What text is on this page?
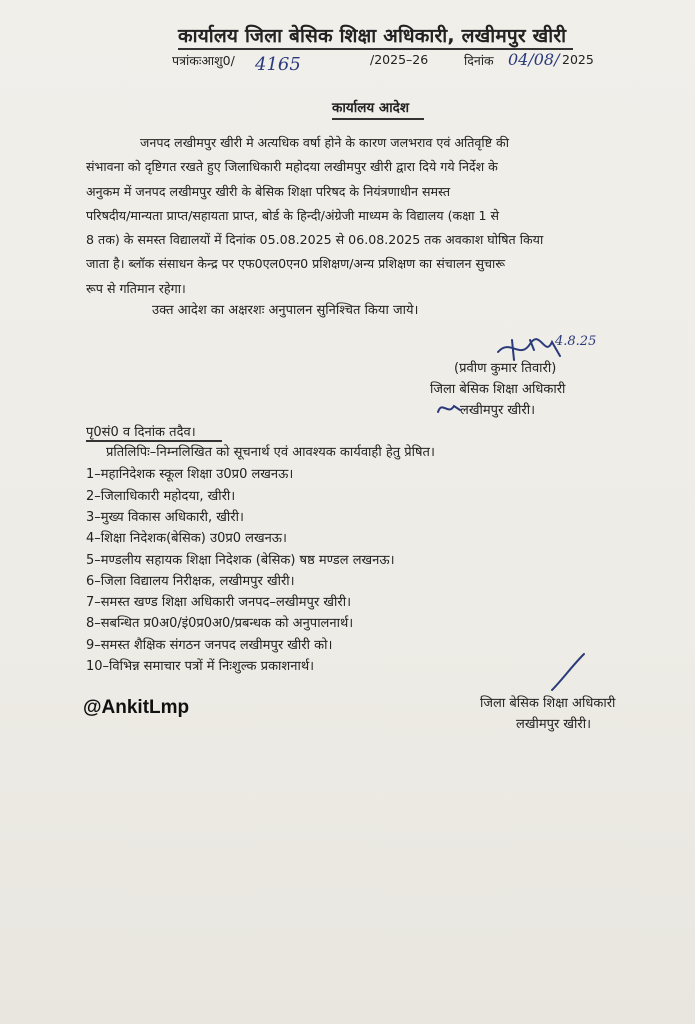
कार्यालय जिला बेसिक शिक्षा अधिकारी, लखीमपुर खीरी
पत्रांकःआशु0/ 4165	/2025–26	दिनांक 04/08/ 2025
कार्यालय आदेश
जनपद लखीमपुर खीरी मे अत्यधिक वर्षा होने के कारण जलभराव एवं अतिवृष्टि की
संभावना को दृष्टिगत रखते हुए जिलाधिकारी महोदया लखीमपुर खीरी द्वारा दिये गये निर्देश के
अनुकम में जनपद लखीमपुर खीरी के बेसिक शिक्षा परिषद के नियंत्रणाधीन समस्त
परिषदीय/मान्यता प्राप्त/सहायता प्राप्त, बोर्ड के हिन्दी/अंग्रेजी माध्यम के विद्यालय (कक्षा 1 से
8 तक) के समस्त विद्यालयों में दिनांक 05.08.2025 से 06.08.2025 तक अवकाश घोषित किया
जाता है। ब्लॉक संसाधन केन्द्र पर एफ0एल0एन0 प्रशिक्षण/अन्य प्रशिक्षण का संचालन सुचारू
रूप से गतिमान रहेगा।
उक्त आदेश का अक्षरशः अनुपालन सुनिश्चित किया जाये।
4.8.25
(प्रवीण कुमार तिवारी)
जिला बेसिक शिक्षा अधिकारी
लखीमपुर खीरी।
पृ0सं0 व दिनांक तदैव।
प्रतिलिपिः–निम्नलिखित को सूचनार्थ एवं आवश्यक कार्यवाही हेतु प्रेषित।
1–महानिदेशक स्कूल शिक्षा उ0प्र0 लखनऊ।
2–जिलाधिकारी महोदया, खीरी।
3–मुख्य विकास अधिकारी, खीरी।
4–शिक्षा निदेशक(बेसिक) उ0प्र0 लखनऊ।
5–मण्डलीय सहायक शिक्षा निदेशक (बेसिक) षष्ठ मण्डल लखनऊ।
6–जिला विद्यालय निरीक्षक, लखीमपुर खीरी।
7–समस्त खण्ड शिक्षा अधिकारी जनपद–लखीमपुर खीरी।
8–सबन्धित प्र0अ0/इं0प्र0अ0/प्रबन्धक को अनुपालनार्थ।
9–समस्त शैक्षिक संगठन जनपद लखीमपुर खीरी को।
10–विभिन्न समाचार पत्रों में निःशुल्क प्रकाशनार्थ।
जिला बेसिक शिक्षा अधिकारी
लखीमपुर खीरी।
@AnkitLmp
